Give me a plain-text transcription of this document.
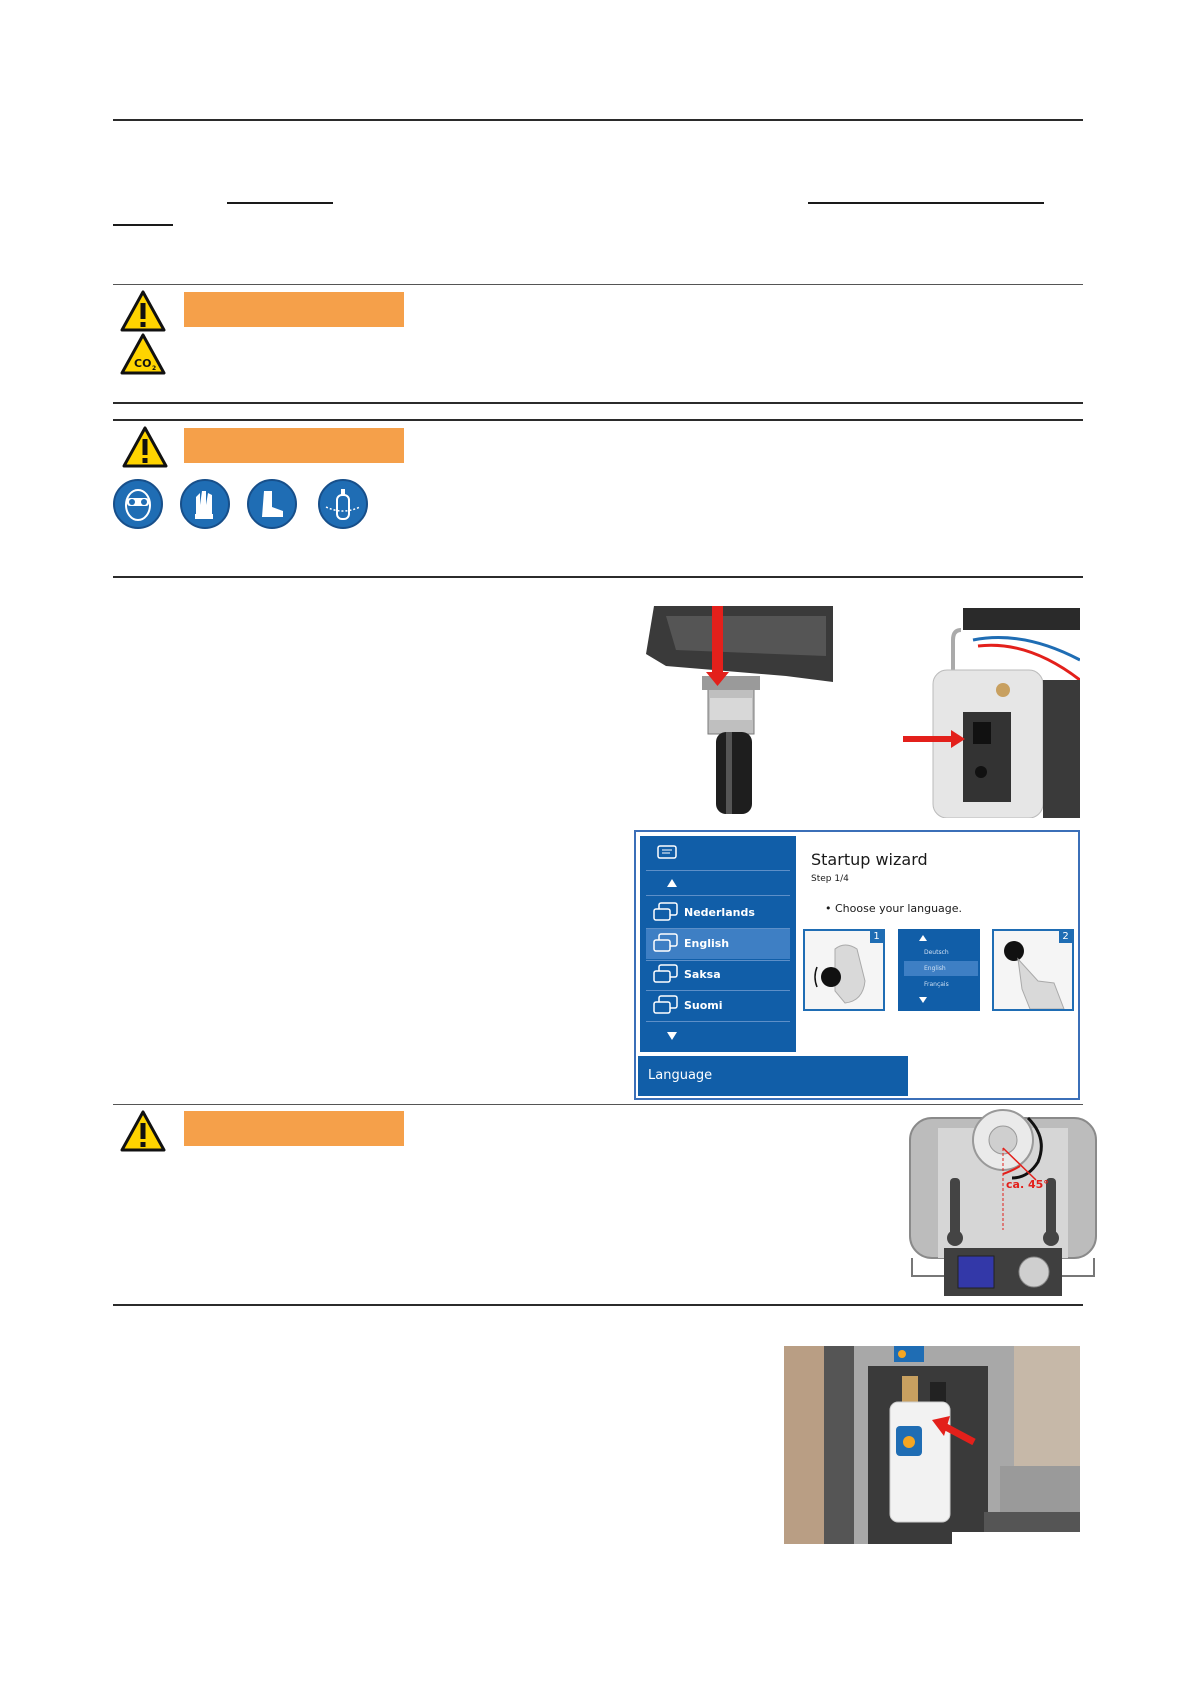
CO 2
Nederlands
English
Saksa
Suomi
Language
Startup wizard
Step 1/4
• Choose your language.
1
Deutsch
English
Français
2
ca. 45°
